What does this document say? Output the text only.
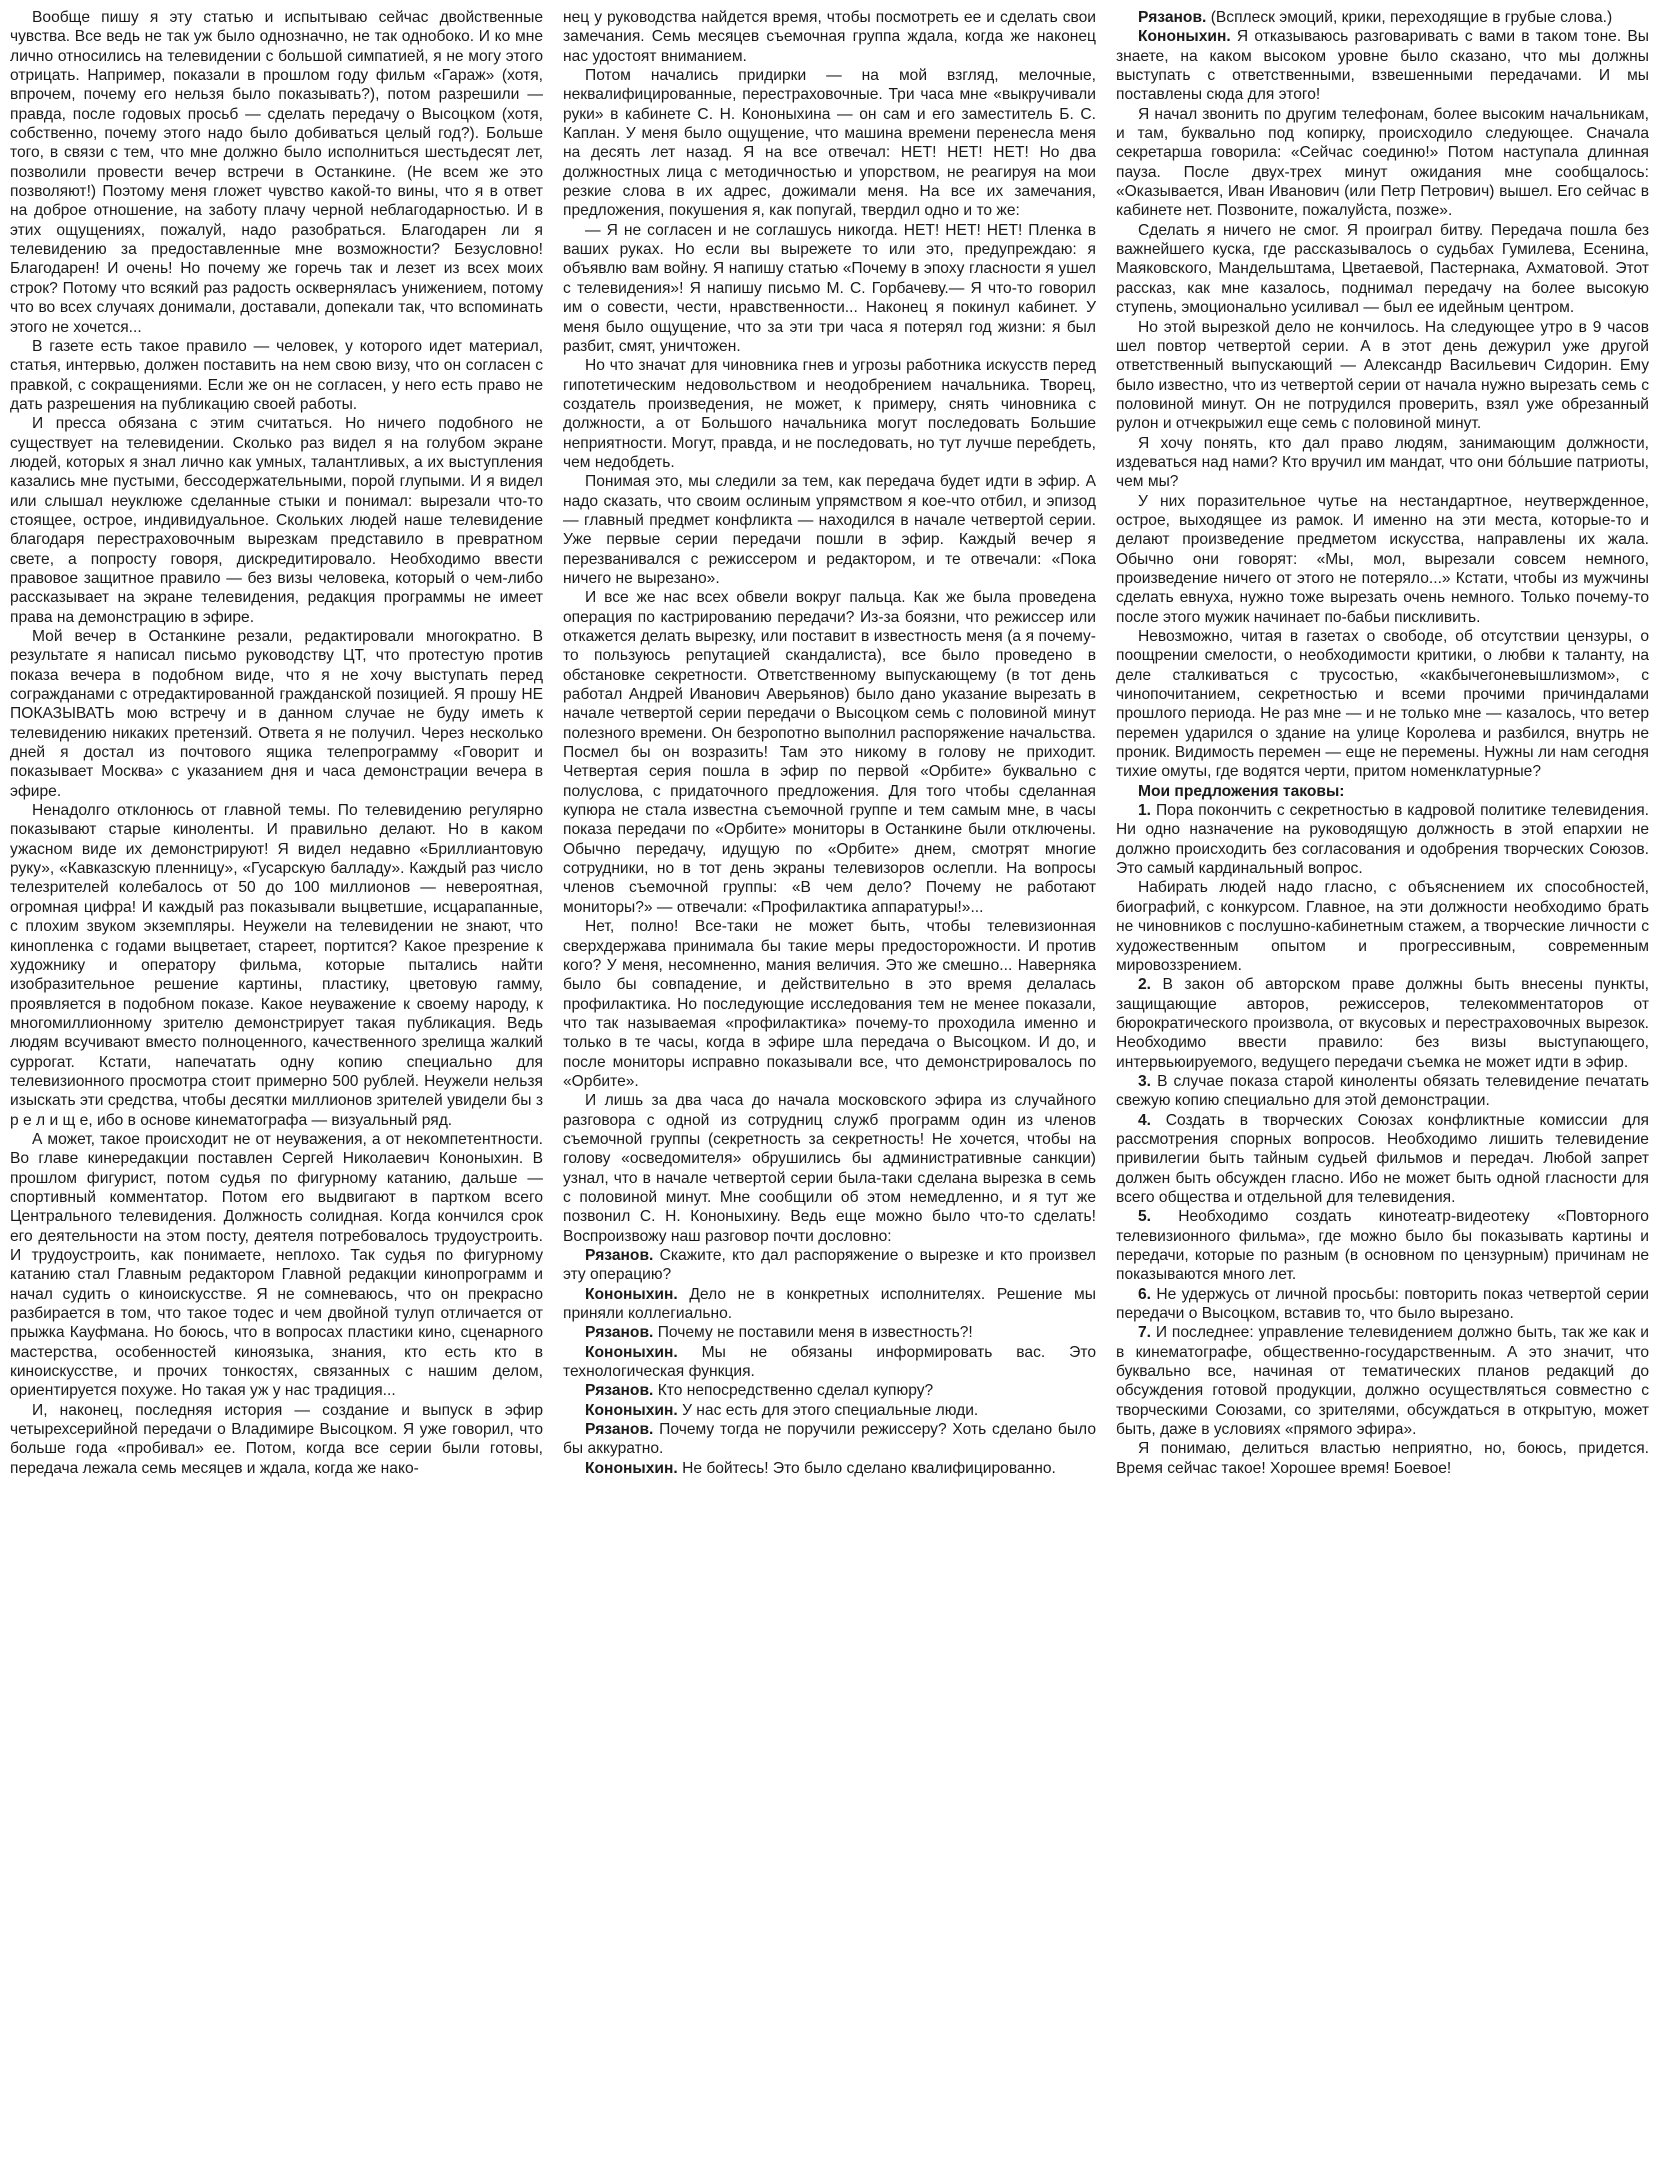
Вообще пишу я эту статью и испытываю сейчас двойственные чувства. Все ведь не так уж было однозначно, не так однобоко. И ко мне лично относились на телевидении с большой симпатией, я не могу этого отрицать. Например, показали в прошлом году фильм «Гараж» (хотя, впрочем, почему его нельзя было показывать?), потом разрешили — правда, после годовых просьб — сделать передачу о Высоцком (хотя, собственно, почему этого надо было добиваться целый год?). Больше того, в связи с тем, что мне должно было исполниться шестьдесят лет, позволили провести вечер встречи в Останкине. (Не всем же это позволяют!) Поэтому меня гложет чувство какой-то вины, что я в ответ на доброе отношение, на заботу плачу черной неблагодарностью. И в этих ощущениях, пожалуй, надо разобраться. Благодарен ли я телевидению за предоставленные мне возможности? Безусловно! Благодарен! И очень! Но почему же горечь так и лезет из всех моих строк? Потому что всякий раз радость оскверняласъ унижением, потому что во всех случаях донимали, доставали, допекали так, что вспоминать этого не хочется...

В газете есть такое правило — человек, у которого идет материал, статья, интервью, должен поставить на нем свою визу, что он согласен с правкой, с сокращениями. Если же он не согласен, у него есть право не дать разрешения на публикацию своей работы.

И пресса обязана с этим считаться. Но ничего подобного не существует на телевидении. Сколько раз видел я на голубом экране людей, которых я знал лично как умных, талантливых, а их выступления казались мне пустыми, бессодержательными, порой глупыми. И я видел или слышал неуклюже сделанные стыки и понимал: вырезали что-то стоящее, острое, индивидуальное. Скольких людей наше телевидение благодаря перестраховочным вырезкам представило в превратном свете, а попросту говоря, дискредитировало. Необходимо ввести правовое защитное правило — без визы человека, который о чем-либо рассказывает на экране телевидения, редакция программы не имеет права на демонстрацию в эфире.

Мой вечер в Останкине резали, редактировали многократно. В результате я написал письмо руководству ЦТ, что протестую против показа вечера в подобном виде, что я не хочу выступать перед согражданами с отредактированной гражданской позицией. Я прошу НЕ ПОКАЗЫВАТЬ мою встречу и в данном случае не буду иметь к телевидению никаких претензий. Ответа я не получил. Через несколько дней я достал из почтового ящика телепрограмму «Говорит и показывает Москва» с указанием дня и часа демонстрации вечера в эфире.

Ненадолго отклонюсь от главной темы. По телевидению регулярно показывают старые киноленты. И правильно делают. Но в каком ужасном виде их демонстрируют! Я видел недавно «Бриллиантовую руку», «Кавказскую пленницу», «Гусарскую балладу». Каждый раз число телезрителей колебалось от 50 до 100 миллионов — невероятная, огромная цифра! И каждый раз показывали выцветшие, исцарапанные, с плохим звуком экземпляры. Неужели на телевидении не знают, что кинопленка с годами выцветает, стареет, портится? Какое презрение к художнику и оператору фильма, которые пытались найти изобразительное решение картины, пластику, цветовую гамму, проявляется в подобном показе. Какое неуважение к своему народу, к многомиллионному зрителю демонстрирует такая публикация. Ведь людям всучивают вместо полноценного, качественного зрелища жалкий суррогат. Кстати, напечатать одну копию специально для телевизионного просмотра стоит примерно 500 рублей. Неужели нельзя изыскать эти средства, чтобы десятки миллионов зрителей увидели бы з р е л и щ е, ибо в основе кинематографа — визуальный ряд.

А может, такое происходит не от неуважения, а от некомпетентности. Во главе кинередакции поставлен Сергей Николаевич Кононыхин. В прошлом фигурист, потом судья по фигурному катанию, дальше — спортивный комментатор. Потом его выдвигают в партком всего Центрального телевидения. Должность солидная. Когда кончился срок его деятельности на этом посту, деятеля потребовалось трудоустроить. И трудоустроить, как понимаете, неплохо. Так судья по фигурному катанию стал Главным редактором Главной редакции кинопрограмм и начал судить о киноискусстве. Я не сомневаюсь, что он прекрасно разбирается в том, что такое тодес и чем двойной тулуп отличается от прыжка Кауфмана. Но боюсь, что в вопросах пластики кино, сценарного мастерства, особенностей киноязыка, знания, кто есть кто в киноискусстве, и прочих тонкостях, связанных с нашим делом, ориентируется похуже. Но такая уж у нас традиция...

И, наконец, последняя история — создание и выпуск в эфир четырехсерийной передачи о Владимире Высоцком. Я уже говорил, что больше года «пробивал» ее. Потом, когда все серии были готовы, передача лежала семь месяцев и ждала, когда же нако-

нец у руководства найдется время, чтобы посмотреть ее и сделать свои замечания. Семь месяцев съемочная группа ждала, когда же наконец нас удостоят вниманием.

Потом начались придирки — на мой взгляд, мелочные, неквалифицированные, перестраховочные. Три часа мне «выкручивали руки» в кабинете С. Н. Кононыхина — он сам и его заместитель Б. С. Каплан. У меня было ощущение, что машина времени перенесла меня на десять лет назад. Я на все отвечал: НЕТ! НЕТ! НЕТ! Но два должностных лица с методичностью и упорством, не реагируя на мои резкие слова в их адрес, дожимали меня. На все их замечания, предложения, покушения я, как попугай, твердил одно и то же:

— Я не согласен и не соглашусь никогда. НЕТ! НЕТ! НЕТ! Пленка в ваших руках. Но если вы вырежете то или это, предупреждаю: я объявлю вам войну. Я напишу статью «Почему в эпоху гласности я ушел с телевидения»! Я напишу письмо М. С. Горбачеву.— Я что-то говорил им о совести, чести, нравственности... Наконец я покинул кабинет. У меня было ощущение, что за эти три часа я потерял год жизни: я был разбит, смят, уничтожен.

Но что значат для чиновника гнев и угрозы работника искусств перед гипотетическим недовольством и неодобрением начальника. Творец, создатель произведения, не может, к примеру, снять чиновника с должности, а от Большого начальника могут последовать Большие неприятности. Могут, правда, и не последовать, но тут лучше перебдеть, чем недобдеть.

Понимая это, мы следили за тем, как передача будет идти в эфир. А надо сказать, что своим ослиным упрямством я кое-что отбил, и эпизод — главный предмет конфликта — находился в начале четвертой серии. Уже первые серии передачи пошли в эфир. Каждый вечер я перезванивался с режиссером и редактором, и те отвечали: «Пока ничего не вырезано».

И все же нас всех обвели вокруг пальца. Как же была проведена операция по кастрированию передачи? Из-за боязни, что режиссер или откажется делать вырезку, или поставит в известность меня (а я почему-то пользуюсь репутацией скандалиста), все было проведено в обстановке секретности. Ответственному выпускающему (в тот день работал Андрей Иванович Аверьянов) было дано указание вырезать в начале четвертой серии передачи о Высоцком семь с половиной минут полезного времени. Он безропотно выполнил распоряжение начальства. Посмел бы он возразить! Там это никому в голову не приходит. Четвертая серия пошла в эфир по первой «Орбите» буквально с полуслова, с придаточного предложения. Для того чтобы сделанная купюра не стала известна съемочной группе и тем самым мне, в часы показа передачи по «Орбите» мониторы в Останкине были отключены. Обычно передачу, идущую по «Орбите» днем, смотрят многие сотрудники, но в тот день экраны телевизоров ослепли. На вопросы членов съемочной группы: «В чем дело? Почему не работают мониторы?» — отвечали: «Профилактика аппаратуры!»...

Нет, полно! Все-таки не может быть, чтобы телевизионная сверхдержава принимала бы такие меры предосторожности. И против кого? У меня, несомненно, мания величия. Это же смешно... Наверняка было бы совпадение, и действительно в это время делалась профилактика. Но последующие исследования тем не менее показали, что так называемая «профилактика» почему-то проходила именно и только в те часы, когда в эфире шла передача о Высоцком. И до, и после мониторы исправно показывали все, что демонстрировалось по «Орбите».

И лишь за два часа до начала московского эфира из случайного разговора с одной из сотрудниц служб программ один из членов съемочной группы (секретность за секретность! Не хочется, чтобы на голову «осведомителя» обрушились бы административные санкции) узнал, что в начале четвертой серии была-таки сделана вырезка в семь с половиной минут. Мне сообщили об этом немедленно, и я тут же позвонил С. Н. Кононыхину. Ведь еще можно было что-то сделать! Воспроизвожу наш разговор почти дословно:

Рязанов. Скажите, кто дал распоряжение о вырезке и кто произвел эту операцию?

Кононыхин. Дело не в конкретных исполнителях. Решение мы приняли коллегиально.

Рязанов. Почему не поставили меня в известность?!

Кононыхин. Мы не обязаны информировать вас. Это технологическая функция.

Рязанов. Кто непосредственно сделал купюру?

Кононыхин. У нас есть для этого специальные люди.

Рязанов. Почему тогда не поручили режиссеру? Хоть сделано было бы аккуратно.

Кононыхин. Не бойтесь! Это было сделано квалифицированно.

Рязанов. (Всплеск эмоций, крики, переходящие в грубые слова.)

Кононыхин. Я отказываюсь разговаривать с вами в таком тоне. Вы знаете, на каком высоком уровне было сказано, что мы должны выступать с ответственными, взвешенными передачами. И мы поставлены сюда для этого!

Я начал звонить по другим телефонам, более высоким начальникам, и там, буквально под копирку, происходило следующее. Сначала секретарша говорила: «Сейчас соединю!» Потом наступала длинная пауза. После двух-трех минут ожидания мне сообщалось: «Оказывается, Иван Иванович (или Петр Петрович) вышел. Его сейчас в кабинете нет. Позвоните, пожалуйста, позже».

Сделать я ничего не смог. Я проиграл битву. Передача пошла без важнейшего куска, где рассказывалось о судьбах Гумилева, Есенина, Маяковского, Мандельштама, Цветаевой, Пастернака, Ахматовой. Этот рассказ, как мне казалось, поднимал передачу на более высокую ступень, эмоционально усиливал — был ее идейным центром.

Но этой вырезкой дело не кончилось. На следующее утро в 9 часов шел повтор четвертой серии. А в этот день дежурил уже другой ответственный выпускающий — Александр Васильевич Сидорин. Ему было известно, что из четвертой серии от начала нужно вырезать семь с половиной минут. Он не потрудился проверить, взял уже обрезанный рулон и отчекрыжил еще семь с половиной минут.

Я хочу понять, кто дал право людям, занимающим должности, издеваться над нами? Кто вручил им мандат, что они бо́льшие патриоты, чем мы?

У них поразительное чутье на нестандартное, неутвержденное, острое, выходящее из рамок. И именно на эти места, которые-то и делают произведение предметом искусства, направлены их жала. Обычно они говорят: «Мы, мол, вырезали совсем немного, произведение ничего от этого не потеряло...» Кстати, чтобы из мужчины сделать евнуха, нужно тоже вырезать очень немного. Только почему-то после этого мужик начинает по-бабьи пискливить.

Невозможно, читая в газетах о свободе, об отсутствии цензуры, о поощрении смелости, о необходимости критики, о любви к таланту, на деле сталкиваться с трусостью, «какбычегоневышлизмом», с чинопочитанием, секретностью и всеми прочими причиндалами прошлого периода. Не раз мне — и не только мне — казалось, что ветер перемен ударился о здание на улице Королева и разбился, внутрь не проник. Видимость перемен — еще не перемены. Нужны ли нам сегодня тихие омуты, где водятся черти, притом номенклатурные?

Мои предложения таковы:

1. Пора покончить с секретностью в кадровой политике телевидения. Ни одно назначение на руководящую должность в этой епархии не должно происходить без согласования и одобрения творческих Союзов. Это самый кардинальный вопрос.

Набирать людей надо гласно, с объяснением их способностей, биографий, с конкурсом. Главное, на эти должности необходимо брать не чиновников с послушно-кабинетным стажем, а творческие личности с художественным опытом и прогрессивным, современным мировоззрением.

2. В закон об авторском праве должны быть внесены пункты, защищающие авторов, режиссеров, телекомментаторов от бюрократического произвола, от вкусовых и перестраховочных вырезок. Необходимо ввести правило: без визы выступающего, интервьюируемого, ведущего передачи съемка не может идти в эфир.

3. В случае показа старой киноленты обязать телевидение печатать свежую копию специально для этой демонстрации.

4. Создать в творческих Союзах конфликтные комиссии для рассмотрения спорных вопросов. Необходимо лишить телевидение привилегии быть тайным судьей фильмов и передач. Любой запрет должен быть обсужден гласно. Ибо не может быть одной гласности для всего общества и отдельной для телевидения.

5. Необходимо создать кинотеатр-видеотеку «Повторного телевизионного фильма», где можно было бы показывать картины и передачи, которые по разным (в основном по цензурным) причинам не показываются много лет.

6. Не удержусь от личной просьбы: повторить показ четвертой серии передачи о Высоцком, вставив то, что было вырезано.

7. И последнее: управление телевидением должно быть, так же как и в кинематографе, общественно-государственным. А это значит, что буквально все, начиная от тематических планов редакций до обсуждения готовой продукции, должно осуществляться совместно с творческими Союзами, со зрителями, обсуждаться в открытую, может быть, даже в условиях «прямого эфира».

Я понимаю, делиться властью неприятно, но, боюсь, придется. Время сейчас такое! Хорошее время! Боевое!
